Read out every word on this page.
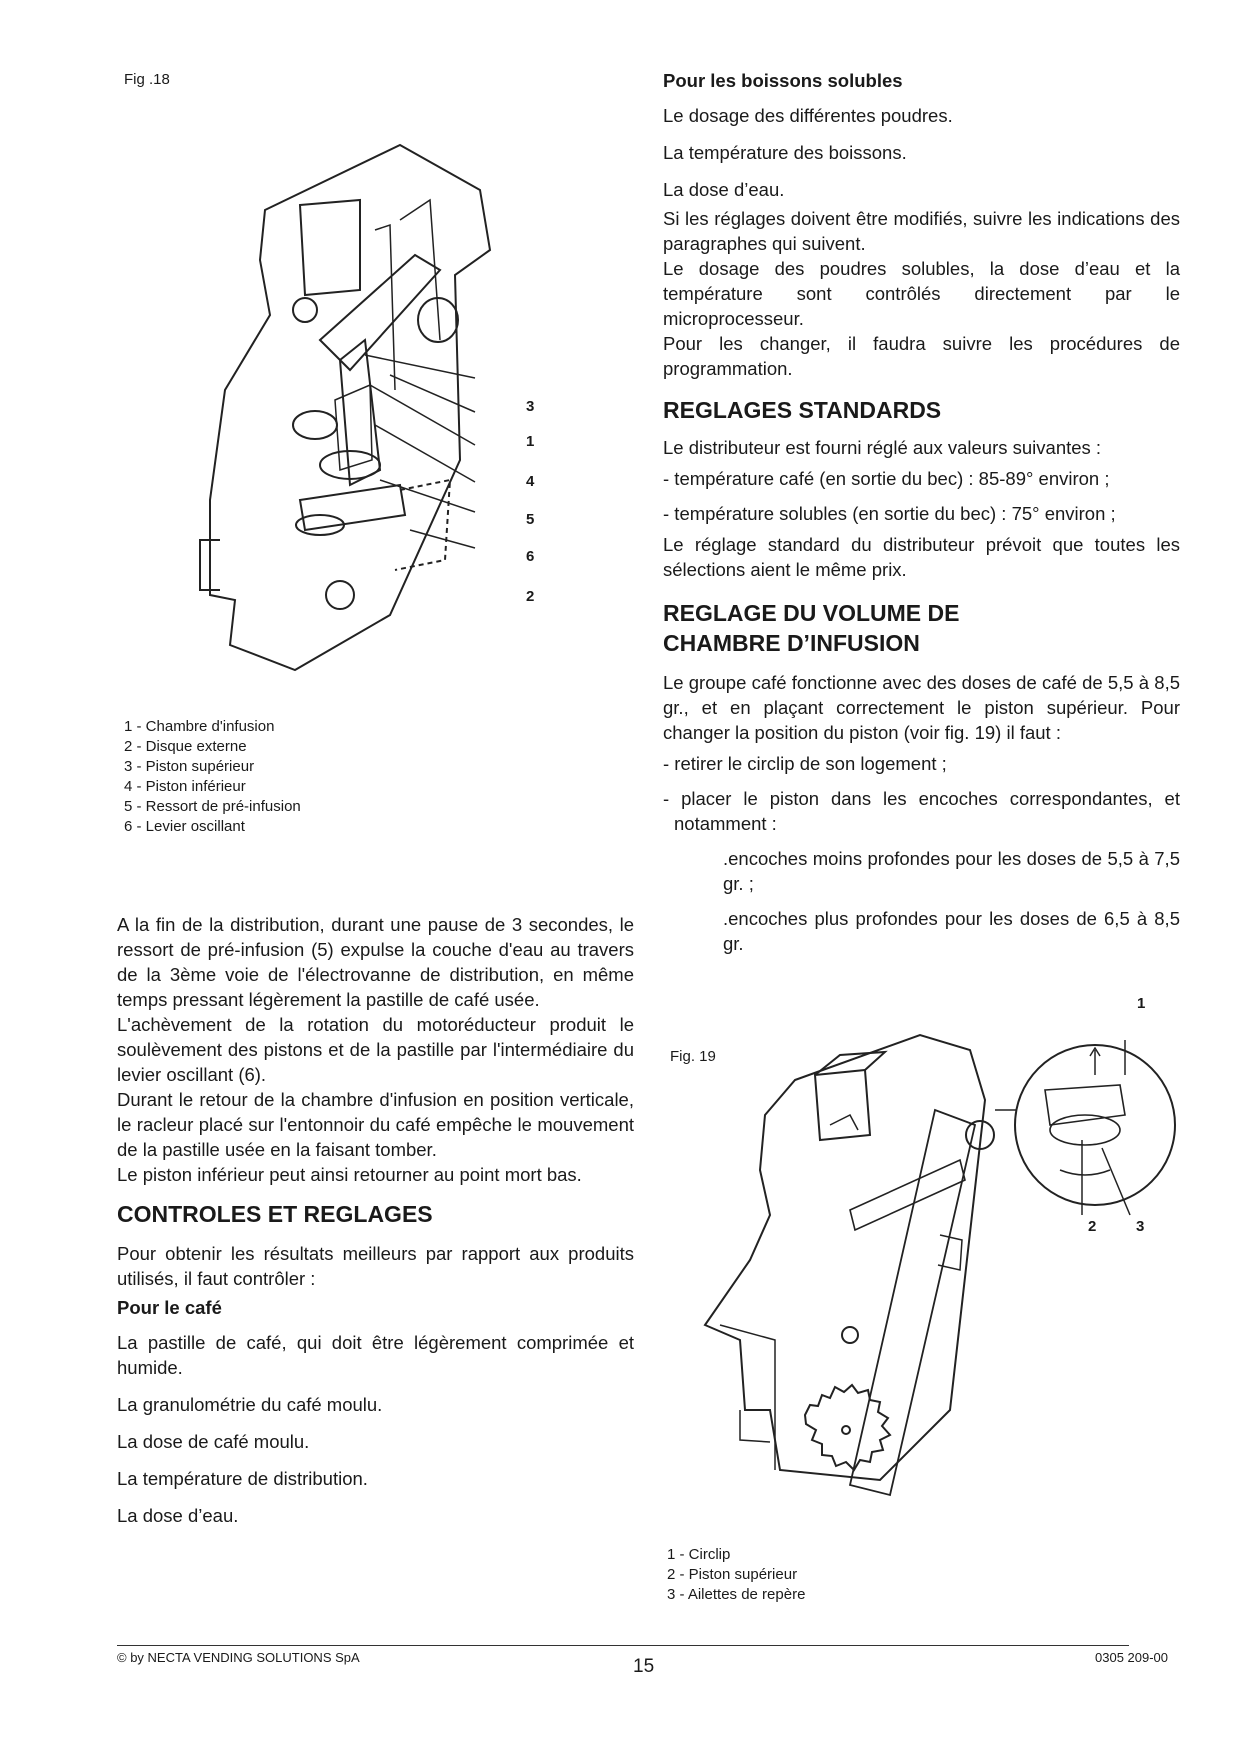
Fig .18
3
1
4
5
6
2
1 - Chambre d'infusion
2 - Disque externe
3 - Piston supérieur
4 - Piston inférieur
5 - Ressort de pré-infusion
6 - Levier oscillant
A la fin de la distribution, durant une pause de 3 secondes, le ressort de pré-infusion (5) expulse la couche d'eau au travers de la 3ème voie de l'électrovanne de distribution, en même temps pressant légèrement la pastille de café usée.
L'achèvement de la rotation du motoréducteur produit le soulèvement des pistons et de la pastille par l'intermédiaire du levier oscillant (6).
Durant le retour de la chambre d'infusion en position verticale, le racleur placé sur l'entonnoir du café empêche le mouvement de la pastille usée en la faisant tomber.
Le piston inférieur peut ainsi retourner au point mort bas.
CONTROLES ET REGLAGES
Pour obtenir les résultats meilleurs par rapport aux produits utilisés, il faut contrôler :
Pour le café
La pastille de café, qui doit être légèrement comprimée et humide.
La granulométrie du café moulu.
La dose de café moulu.
La température de distribution.
La dose d’eau.
Pour les boissons solubles
Le dosage des différentes poudres.
La température des boissons.
La dose d’eau.
Si les réglages doivent être modifiés, suivre les indications des paragraphes qui suivent.
Le dosage des poudres solubles, la dose d’eau et la température sont contrôlés directement par le microprocesseur.
Pour les changer, il faudra suivre les procédures de programmation.
REGLAGES STANDARDS
Le distributeur est fourni réglé aux valeurs suivantes :
- température café (en sortie du bec) : 85-89° environ ;
- température solubles (en sortie du bec) : 75° environ ;
Le réglage standard du distributeur prévoit que toutes les sélections aient le même prix.
REGLAGE DU VOLUME DE
CHAMBRE D’INFUSION
Le groupe café fonctionne avec des doses de café de 5,5 à 8,5 gr., et en plaçant correctement le piston supérieur. Pour changer la position du piston (voir fig. 19) il faut :
- retirer le circlip de son logement ;
- placer le piston dans les encoches correspondantes, et notamment :
.encoches moins profondes pour les doses de 5,5 à 7,5 gr. ;
.encoches plus profondes pour les doses de 6,5 à 8,5 gr.
Fig. 19
1
2	3
1 - Circlip
2 - Piston supérieur
3 - Ailettes de repère
© by NECTA VENDING SOLUTIONS SpA	15	0305 209-00
